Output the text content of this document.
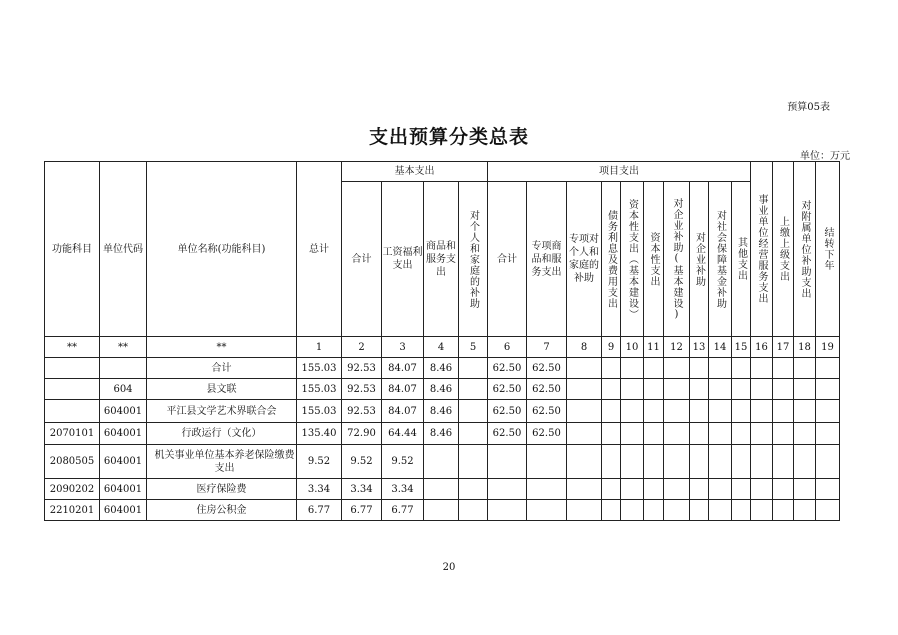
预算05表
支出预算分类总表
单位：万元
功能科目	单位代码	单位名称(功能科目)	总计	基本支出				项目支出										事业单位经营服务支出	上缴上级支出	对附属单位补助支出	结转下年
				合计	工资福利支出	商品和服务支出	对个人和家庭的补助	合计	专项商品和服务支出	专项对个人和家庭的补助	债务利息及费用支出	资本性支出（基本建设）	资本性支出	对企业补助(基本建设)	对企业补助	对社会保障基金补助	其他支出				
**	**	**	1	2	3	4	5	6	7	8	9	10	11	12	13	14	15	16	17	18	19
		合计	155.03	92.53	84.07	8.46		62.50	62.50												
	604	县文联	155.03	92.53	84.07	8.46		62.50	62.50												
	604001	平江县文学艺术界联合会	155.03	92.53	84.07	8.46		62.50	62.50												
2070101	604001	行政运行（文化）	135.40	72.90	64.44	8.46		62.50	62.50												
2080505	604001	机关事业单位基本养老保险缴费支出	9.52	9.52	9.52																
2090202	604001	医疗保险费	3.34	3.34	3.34																
2210201	604001	住房公积金	6.77	6.77	6.77																
20
